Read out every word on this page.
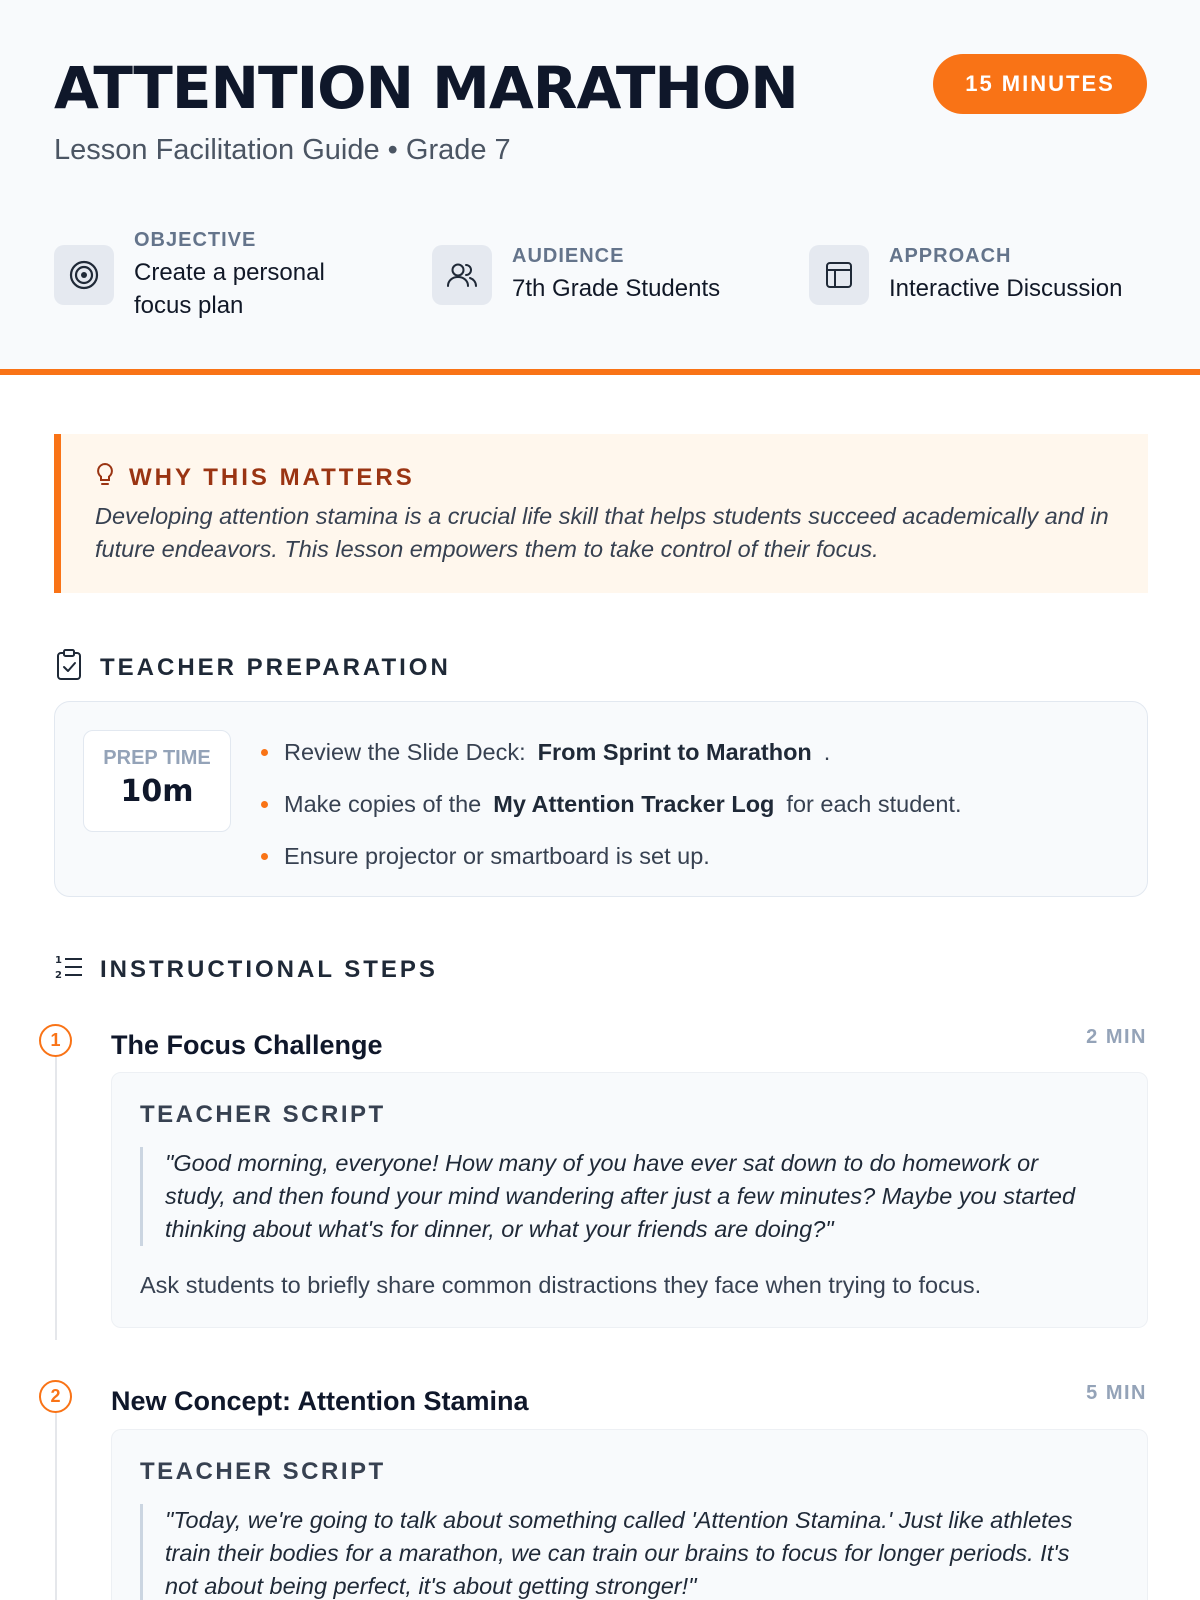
ATTENTION MARATHON	15 MINUTES
Lesson Facilitation Guide • Grade 7
OBJECTIVE
Create a personal focus plan
AUDIENCE
7th Grade Students
APPROACH
Interactive Discussion
WHY THIS MATTERS

Developing attention stamina is a crucial life skill that helps students succeed academically and in future endeavors. This lesson empowers them to take control of their focus.

TEACHER PREPARATION
PREP TIME
10m
Review the Slide Deck: From Sprint to Marathon .
Make copies of the My Attention Tracker Log for each student.
Ensure projector or smartboard is set up.
1
2 INSTRUCTIONAL STEPS
1	The Focus Challenge	2 MIN
TEACHER SCRIPT
"Good morning, everyone! How many of you have ever sat down to do homework or study, and then found your mind wandering after just a few minutes? Maybe you started thinking about what's for dinner, or what your friends are doing?"
Ask students to briefly share common distractions they face when trying to focus.
2	New Concept: Attention Stamina	5 MIN
TEACHER SCRIPT
"Today, we're going to talk about something called 'Attention Stamina.' Just like athletes train their bodies for a marathon, we can train our brains to focus for longer periods. It's not about being perfect, it's about getting stronger!"
